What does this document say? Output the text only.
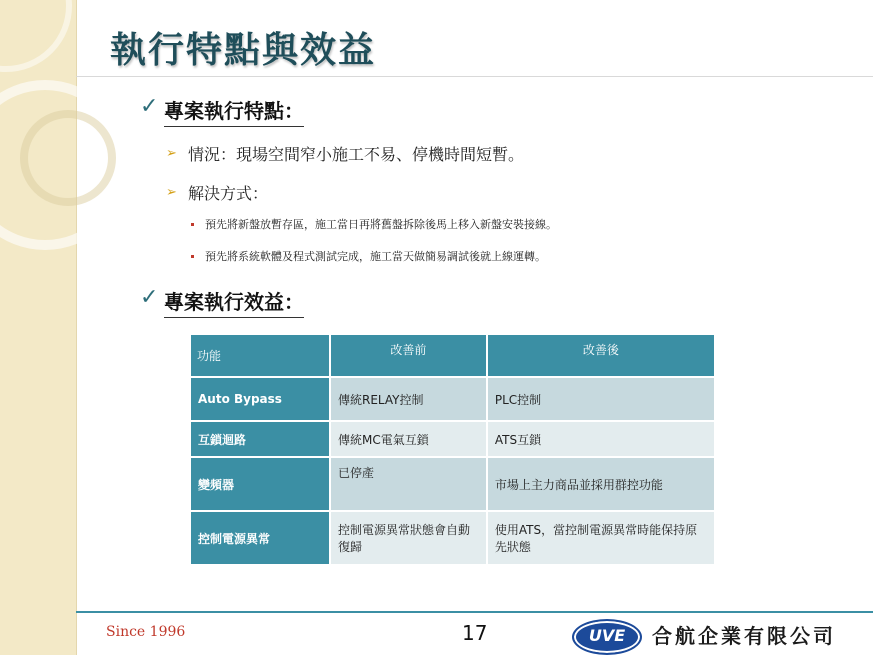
執行特點與效益
✓ 專案執行特點：
➢ 情況：現場空間窄小施工不易、停機時間短暫。
➢ 解決方式：
預先將新盤放暫存區，施工當日再將舊盤拆除後馬上移入新盤安裝接線。
預先將系統軟體及程式測試完成，施工當天做簡易調試後就上線運轉。
✓ 專案執行效益：
功能	改善前	改善後
Auto Bypass	傳統RELAY控制	PLC控制
互鎖迴路	傳統MC電氣互鎖	ATS互鎖
變頻器	已停產	市場上主力商品並採用群控功能
控制電源異常	控制電源異常狀態會自動復歸	使用ATS，當控制電源異常時能保持原先狀態
Since 1996	17	UVE	合航企業有限公司
